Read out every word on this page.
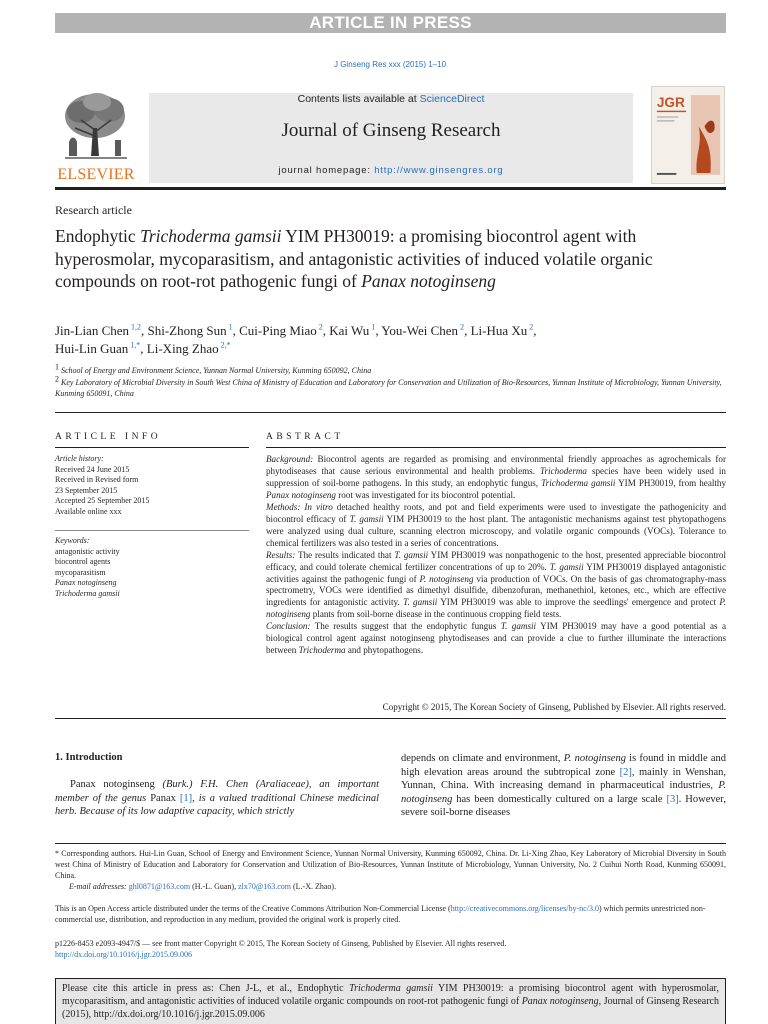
ARTICLE IN PRESS
J Ginseng Res xxx (2015) 1–10
ELSEVIER
Contents lists available at ScienceDirect
Journal of Ginseng Research
journal homepage: http://www.ginsengres.org
JGR
Research article
Endophytic Trichoderma gamsii YIM PH30019: a promising biocontrol agent with hyperosmolar, mycoparasitism, and antagonistic activities of induced volatile organic compounds on root-rot pathogenic fungi of Panax notoginseng
Jin-Lian Chen $^{1,2}$, Shi-Zhong Sun $^1$, Cui-Ping Miao $^2$, Kai Wu $^1$, You-Wei Chen $^2$, Li-Hua Xu $^2$,
Hui-Lin Guan $^{1,*}$, Li-Xing Zhao $^{2,*}$
$^1$ School of Energy and Environment Science, Yunnan Normal University, Kunming 650092, China
$^2$ Key Laboratory of Microbial Diversity in South West China of Ministry of Education and Laboratory for Conservation and Utilization of Bio-Resources, Yunnan Institute of Microbiology, Yunnan University, Kunming 650091, China
ARTICLE INFO	ABSTRACT
Article history:
Received 24 June 2015
Received in Revised form
23 September 2015
Accepted 25 September 2015
Available online xxx
Keywords:
antagonistic activity
biocontrol agents
mycoparasitism
Panax notoginseng
Trichoderma gamsii
Background: Biocontrol agents are regarded as promising and environmental friendly approaches as agrochemicals for phytodiseases that cause serious environmental and health problems. Trichoderma species have been widely used in suppression of soil-borne pathogens. In this study, an endophytic fungus, Trichoderma gamsii YIM PH30019, from healthy Panax notoginseng root was investigated for its biocontrol potential.
Methods: In vitro detached healthy roots, and pot and field experiments were used to investigate the pathogenicity and biocontrol efficacy of T. gamsii YIM PH30019 to the host plant. The antagonistic mechanisms against test phytopathogens were analyzed using dual culture, scanning electron microscopy, and volatile organic compounds (VOCs). Tolerance to chemical fertilizers was also tested in a series of concentrations.
Results: The results indicated that T. gamsii YIM PH30019 was nonpathogenic to the host, presented appreciable biocontrol efficacy, and could tolerate chemical fertilizer concentrations of up to 20%. T. gamsii YIM PH30019 displayed antagonistic activities against the pathogenic fungi of P. notoginseng via production of VOCs. On the basis of gas chromatography-mass spectrometry, VOCs were identified as dimethyl disulfide, dibenzofuran, methanethiol, ketones, etc., which are effective ingredients for antagonistic activity. T. gamsii YIM PH30019 was able to improve the seedlings' emergence and protect P. notoginseng plants from soil-borne disease in the continuous cropping field tests.
Conclusion: The results suggest that the endophytic fungus T. gamsii YIM PH30019 may have a good potential as a biological control agent against notoginseng phytodiseases and can provide a clue to further illuminate the interactions between Trichoderma and phytopathogens.
Copyright © 2015, The Korean Society of Ginseng, Published by Elsevier. All rights reserved.
1. Introduction
Panax notoginseng (Burk.) F.H. Chen (Araliaceae), an important member of the genus Panax [1], is a valued traditional Chinese medicinal herb. Because of its low adaptive capacity, which strictly
depends on climate and environment, P. notoginseng is found in middle and high elevation areas around the subtropical zone [2], mainly in Wenshan, Yunnan, China. With increasing demand in pharmaceutical industries, P. notoginseng has been domestically cultured on a large scale [3]. However, severe soil-borne diseases
* Corresponding authors. Hui-Lin Guan, School of Energy and Environment Science, Yunnan Normal University, Kunming 650092, China. Dr. Li-Xing Zhao, Key Laboratory of Microbial Diversity in South west China of Ministry of Education and Laboratory for Conservation and Utilization of Bio-Resources, Yunnan Institute of Microbiology, Yunnan University, No. 2 Cuihui North Road, Kunming 650091, China.
E-mail addresses: ghl0871@163.com (H.-L. Guan), zlx70@163.com (L.-X. Zhao).
This is an Open Access article distributed under the terms of the Creative Commons Attribution Non-Commercial License (http://creativecommons.org/licenses/by-nc/3.0) which permits unrestricted non-commercial use, distribution, and reproduction in any medium, provided the original work is properly cited.
p1226-8453 e2093-4947/$ — see front matter Copyright © 2015, The Korean Society of Ginseng, Published by Elsevier. All rights reserved.
http://dx.doi.org/10.1016/j.jgr.2015.09.006
Please cite this article in press as: Chen J-L, et al., Endophytic Trichoderma gamsii YIM PH30019: a promising biocontrol agent with hyperosmolar, mycoparasitism, and antagonistic activities of induced volatile organic compounds on root-rot pathogenic fungi of Panax notoginseng, Journal of Ginseng Research (2015), http://dx.doi.org/10.1016/j.jgr.2015.09.006
